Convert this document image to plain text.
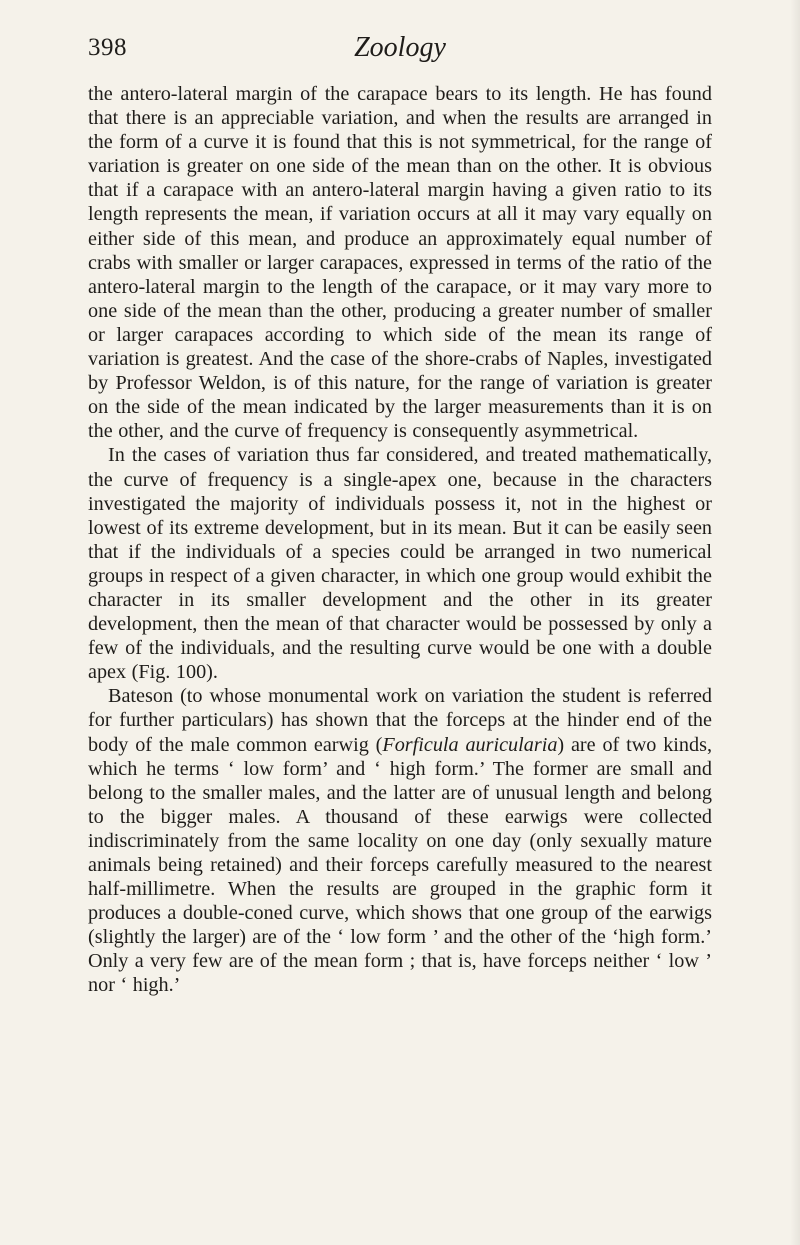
398	Zoology

the antero-lateral margin of the carapace bears to its length. He has found that there is an appreciable variation, and when the results are arranged in the form of a curve it is found that this is not symmetrical, for the range of variation is greater on one side of the mean than on the other. It is obvious that if a carapace with an antero-lateral margin having a given ratio to its length represents the mean, if variation occurs at all it may vary equally on either side of this mean, and produce an approximately equal number of crabs with smaller or larger carapaces, expressed in terms of the ratio of the antero-lateral margin to the length of the carapace, or it may vary more to one side of the mean than the other, producing a greater number of smaller or larger carapaces according to which side of the mean its range of variation is greatest. And the case of the shore-crabs of Naples, investigated by Professor Weldon, is of this nature, for the range of variation is greater on the side of the mean indicated by the larger measurements than it is on the other, and the curve of frequency is consequently asymmetrical.

In the cases of variation thus far considered, and treated mathematically, the curve of frequency is a single-apex one, because in the characters investigated the majority of individuals possess it, not in the highest or lowest of its extreme development, but in its mean. But it can be easily seen that if the individuals of a species could be arranged in two numerical groups in respect of a given character, in which one group would exhibit the character in its smaller development and the other in its greater development, then the mean of that character would be possessed by only a few of the individuals, and the resulting curve would be one with a double apex (Fig. 100).

Bateson (to whose monumental work on variation the student is referred for further particulars) has shown that the forceps at the hinder end of the body of the male common earwig (Forficula auricularia) are of two kinds, which he terms ‘ low form’ and ‘ high form.’ The former are small and belong to the smaller males, and the latter are of unusual length and belong to the bigger males. A thousand of these earwigs were collected indiscriminately from the same locality on one day (only sexually mature animals being retained) and their forceps carefully measured to the nearest half-millimetre. When the results are grouped in the graphic form it produces a double-coned curve, which shows that one group of the earwigs (slightly the larger) are of the ‘ low form ’ and the other of the ‘high form.’ Only a very few are of the mean form ; that is, have forceps neither ‘ low ’ nor ‘ high.’
